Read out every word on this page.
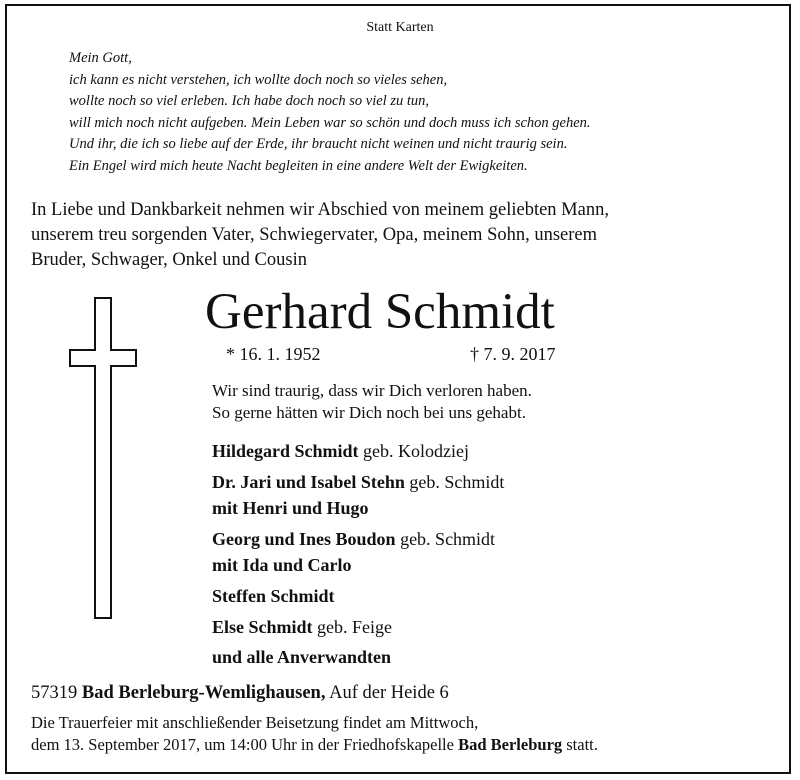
Statt Karten
Mein Gott,
ich kann es nicht verstehen, ich wollte doch noch so vieles sehen,
wollte noch so viel erleben. Ich habe doch noch so viel zu tun,
will mich noch nicht aufgeben. Mein Leben war so schön und doch muss ich schon gehen.
Und ihr, die ich so liebe auf der Erde, ihr braucht nicht weinen und nicht traurig sein.
Ein Engel wird mich heute Nacht begleiten in eine andere Welt der Ewigkeiten.
In Liebe und Dankbarkeit nehmen wir Abschied von meinem geliebten Mann,
unserem treu sorgenden Vater, Schwiegervater, Opa, meinem Sohn, unserem
Bruder, Schwager, Onkel und Cousin
Gerhard Schmidt
* 16. 1. 1952	† 7. 9. 2017
Wir sind traurig, dass wir Dich verloren haben.
So gerne hätten wir Dich noch bei uns gehabt.
Hildegard Schmidt geb. Kolodziej
Dr. Jari und Isabel Stehn geb. Schmidt
mit Henri und Hugo
Georg und Ines Boudon geb. Schmidt
mit Ida und Carlo
Steffen Schmidt
Else Schmidt geb. Feige
und alle Anverwandten
57319 Bad Berleburg-Wemlighausen, Auf der Heide 6
Die Trauerfeier mit anschließender Beisetzung findet am Mittwoch,
dem 13. September 2017, um 14:00 Uhr in der Friedhofskapelle Bad Berleburg statt.
